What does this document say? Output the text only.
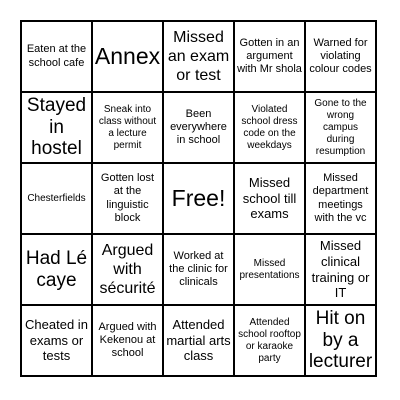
Eaten at the school cafe Annex
Missed an exam or test
Gotten in an argument with Mr shola
Warned for violating colour codes
Stayed in hostel
Sneak into class without a lecture permit
Been everywhere in school
Violated school dress code on the weekdays
Gone to the wrong campus during resumption
Chesterfields
Gotten lost at the linguistic block
Free!
Missed school till exams
Missed department meetings with the vc
Had Lé caye
Argued with sécurité
Worked at the clinic for clinicals
Missed presentations
Missed clinical training or IT
Cheated in exams or tests
Argued with Kekenou at school
Attended martial arts class
Attended school rooftop or karaoke party
Hit on by a lecturer
